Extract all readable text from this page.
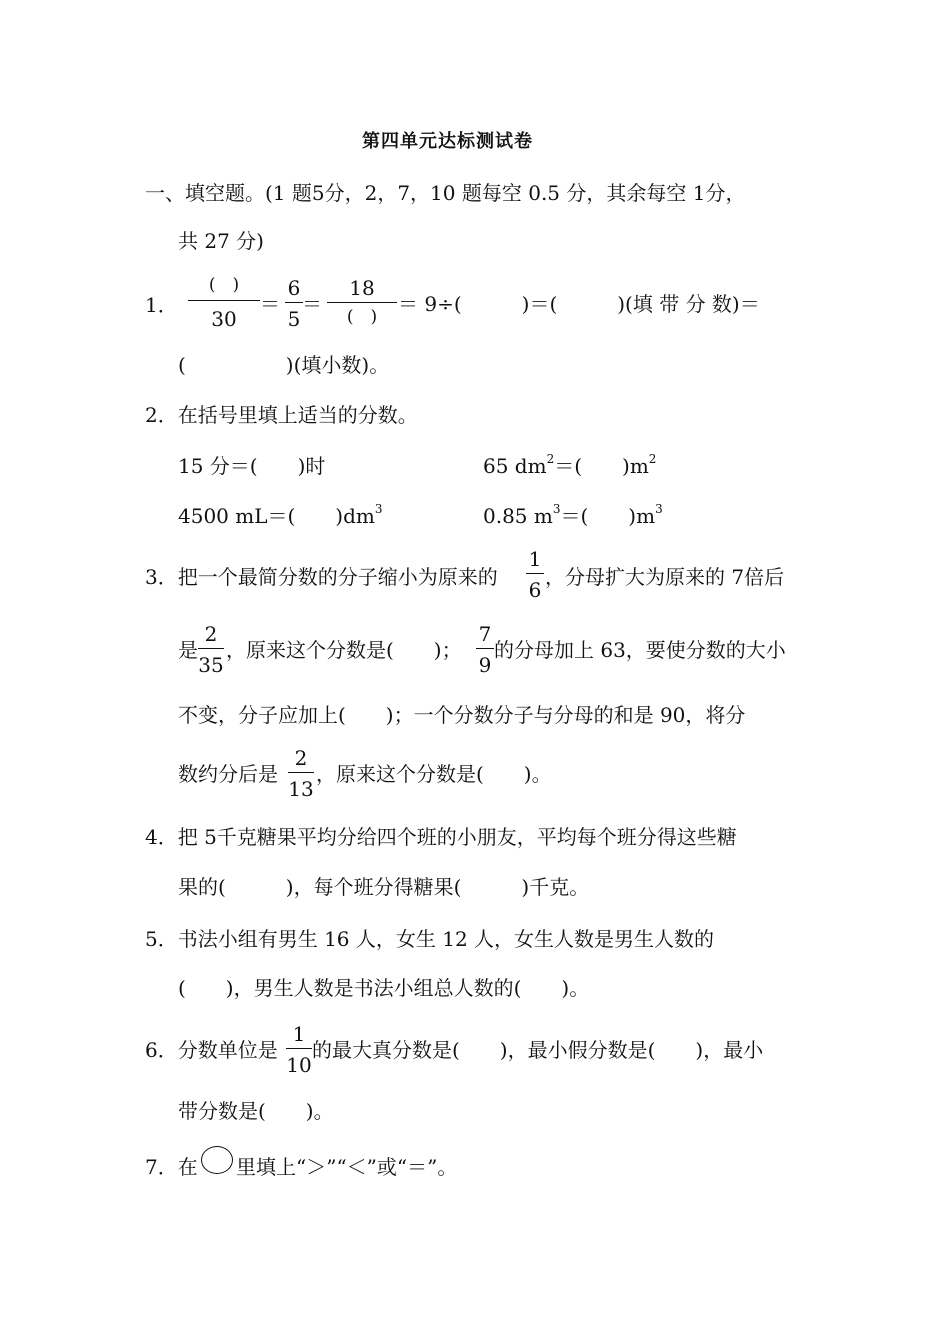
第四单元达标测试卷
一、填空题。(1 题5分，2，7，10 题每空 0.5 分，其余每空 1分，
共 27 分)
1．
(　)
30
＝
6
5
＝
18
(　)
＝ 9÷(　　　)＝(　　　)(填 带 分 数)＝
(　　　　　)(填小数)。
2．在括号里填上适当的分数。
15 分＝(　　)时	65 $dm^2=$(　　)$m^2$
4500 mL＝(　　)$dm^3$	0.85 $m^3=$(　　)$m^3$
3．把一个最简分数的分子缩小为原来的
1
6
，分母扩大为原来的 7倍后
是
2
35
，原来这个分数是(　　)；
7
9
的分母加上 63，要使分数的大小
不变，分子应加上(　　)；一个分数分子与分母的和是 90，将分
数约分后是
2
13
，原来这个分数是(　　)。
4．把 5千克糖果平均分给四个班的小朋友，平均每个班分得这些糖
果的(　　　)，每个班分得糖果(　　　)千克。
5．书法小组有男生 16 人，女生 12 人，女生人数是男生人数的
(　　)，男生人数是书法小组总人数的(　　)。
6．分数单位是
1
10
的最大真分数是(　　)，最小假分数是(　　)，最小
带分数是(　　)。
7．在 里填上“＞”“＜”或“＝”。
